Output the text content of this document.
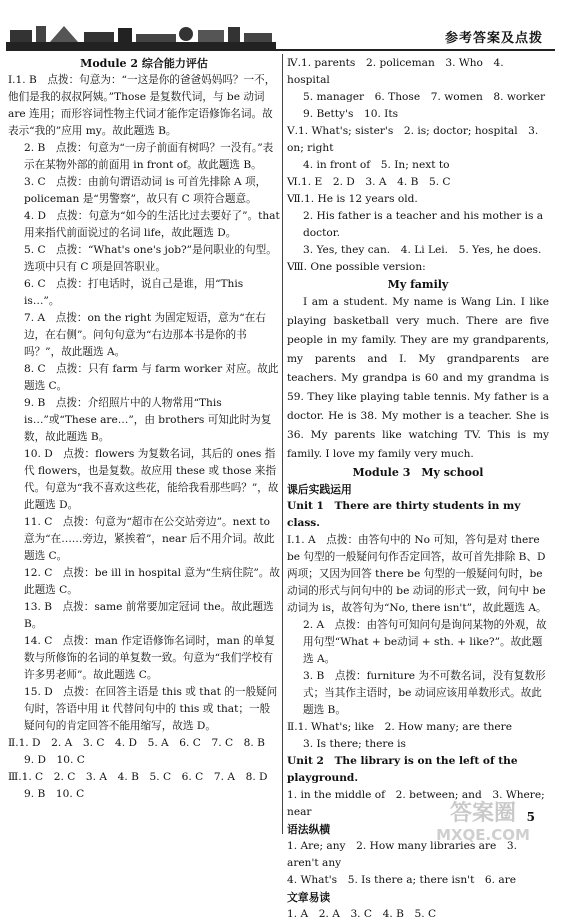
参考答案及点拨

Module 2 综合能力评估

Ⅰ.1. B　点拨：句意为：“一这是你的爸爸妈妈吗？一不，他们是我的叔叔阿姨。”Those 是复数代词，与 be 动词 are 连用；而形容词性物主代词才能作定语修饰名词。故表示“我的”应用 my。故此题选 B。

2. B　点拨：句意为“一房子前面有树吗？一没有。”表示在某物外部的前面用 in front of。故此题选 B。

3. C　点拨：由前句谓语动词 is 可首先排除 A 项，policeman 是“男警察”，故只有 C 项符合题意。

4. D　点拨：句意为“如今的生活比过去要好了”。that 用来指代前面说过的名词 life，故此题选 D。

5. C　点拨：“What's one's job?”是问职业的句型。选项中只有 C 项是回答职业。

6. C　点拨：打电话时，说自己是谁，用“This is…”。

7. A　点拨：on the right 为固定短语，意为“在右边，在右侧”。问句句意为“右边那本书是你的书吗？”，故此题选 A。

8. C　点拨：只有 farm 与 farm worker 对应。故此题选 C。

9. B　点拨：介绍照片中的人物常用“This is…”或“These are…”，由 brothers 可知此时为复数，故此题选 B。

10. D　点拨：flowers 为复数名词，其后的 ones 指代 flowers，也是复数。故应用 these 或 those 来指代。句意为“我不喜欢这些花，能给我看那些吗？”，故此题选 D。

11. C　点拨：句意为“超市在公交站旁边”。next to 意为“在……旁边，紧挨着”，near 后不用介词。故此题选 C。

12. C　点拨：be ill in hospital 意为“生病住院”。故此题选 C。

13. B　点拨：same 前常要加定冠词 the。故此题选 B。

14. C　点拨：man 作定语修饰名词时，man 的单复数与所修饰的名词的单复数一致。句意为“我们学校有许多男老师”。故此题选 C。

15. D　点拨：在回答主语是 this 或 that 的一般疑问句时，答语中用 it 代替问句中的 this 或 that；一般疑问句的肯定回答不能用缩写，故选 D。

Ⅱ.1. D　2. A　3. C　4. D　5. A　6. C　7. C　8. B

9. D　10. C

Ⅲ.1. C　2. C　3. A　4. B　5. C　6. C　7. A　8. D

9. B　10. C

Ⅳ.1. parents　2. policeman　3. Who　4. hospital

5. manager　6. Those　7. women　8. worker

9. Betty's　10. Its

Ⅴ.1. What's; sister's　2. is; doctor; hospital　3. on; right

4. in front of　5. In; next to

Ⅵ.1. E　2. D　3. A　4. B　5. C

Ⅶ.1. He is 12 years old.

2. His father is a teacher and his mother is a doctor.

3. Yes, they can.　4. Li Lei.　5. Yes, he does.

Ⅷ. One possible version:

My family

I am a student. My name is Wang Lin. I like playing basketball very much. There are five people in my family. They are my grandparents, my parents and I. My grandparents are teachers. My grandpa is 60 and my grandma is 59. They like playing table tennis. My father is a doctor. He is 38. My mother is a teacher. She is 36. My parents like watching TV. This is my family. I love my family very much.

Module 3　My school

课后实践运用

Unit 1　There are thirty students in my class.

Ⅰ.1. A　点拨：由答句中的 No 可知，答句是对 there be 句型的一般疑问句作否定回答，故可首先排除 B、D 两项；又因为回答 there be 句型的一般疑问句时，be 动词的形式与问句中的 be 动词的形式一致，问句中 be 动词为 is，故答句为“No, there isn't”，故此题选 A。

2. A　点拨：由答句可知问句是询问某物的外观，故用句型“What + be动词 + sth. + like?”。故此题选 A。

3. B　点拨：furniture 为不可数名词，没有复数形式；当其作主语时，be 动词应该用单数形式。故此题选 B。

Ⅱ.1. What's; like　2. How many; are there

3. Is there; there is

Unit 2　The library is on the left of the playground.

1. in the middle of　2. between; and　3. Where; near

语法纵横

1. Are; any　2. How many libraries are　3. aren't any

4. What's　5. Is there a; there isn't　6. are

文章易读

1. A　2. A　3. C　4. B　5. C

5
答案圈
MXQE.COM
